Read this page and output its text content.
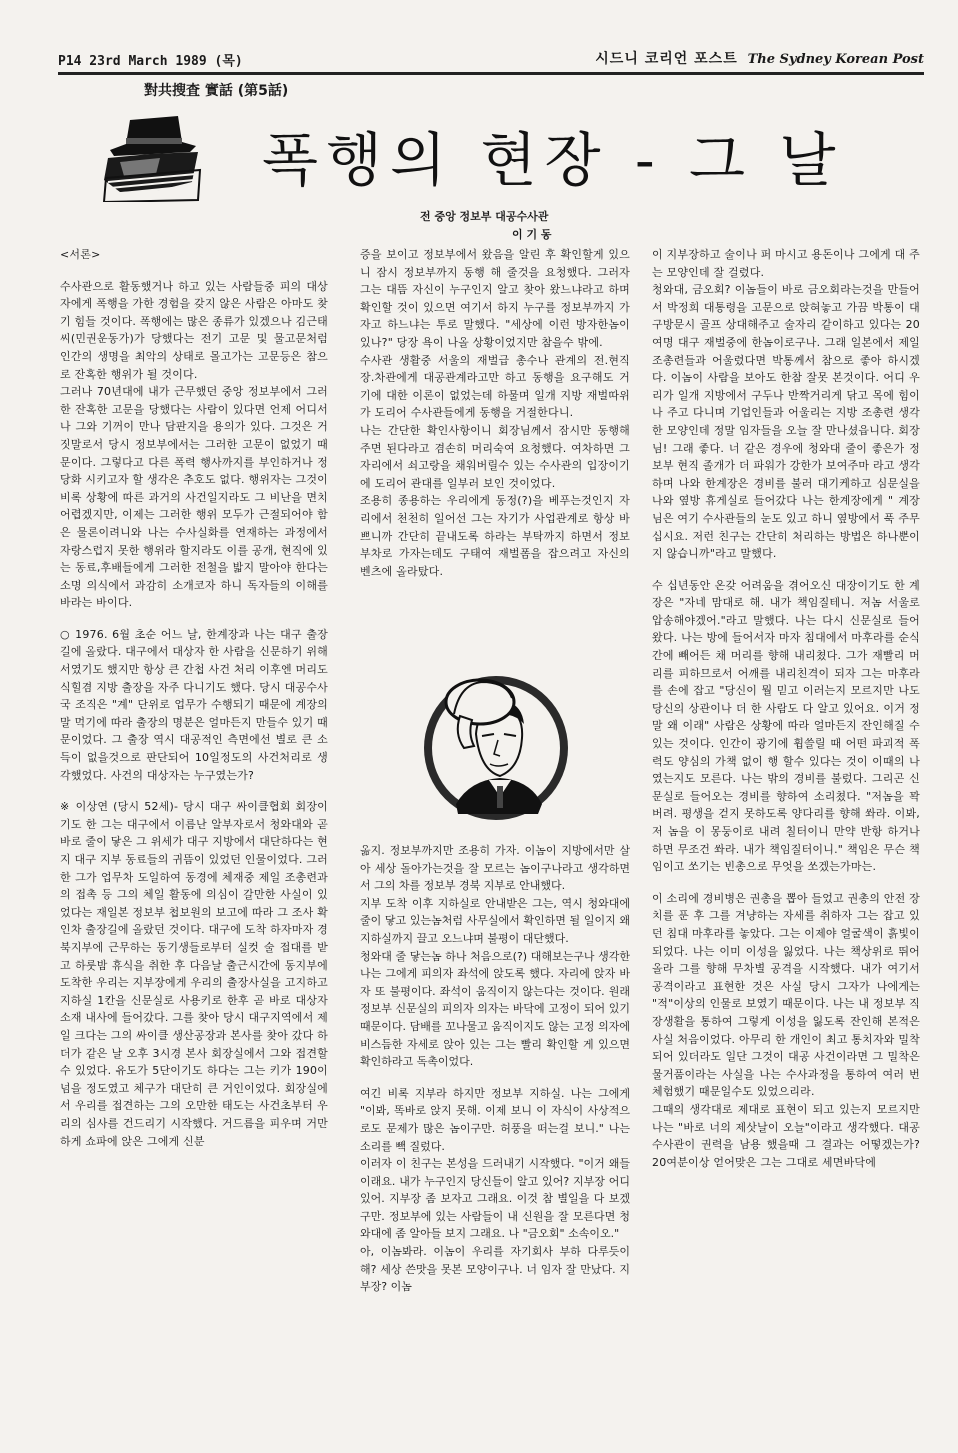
P14 23rd March 1989 (목)	시드니 코리언 포스트 The Sydney Korean Post
對共搜査 實話 (第5話)
폭행의 현장 - 그 날
전 중앙 정보부 대공수사관
이 기 동

<서론>

수사관으로 활동했거나 하고 있는 사람들중 피의 대상자에게 폭행을 가한 경험을 갖지 않은 사람은 아마도 찾기 힘들 것이다. 폭행에는 많은 종류가 있겠으나 김근태씨(민권운동가)가 당했다는 전기 고문 및 물고문처럼 인간의 생명을 최악의 상태로 몰고가는 고문등은 참으로 잔혹한 행위가 될 것이다.

그러나 70년대에 내가 근무했던 중앙 정보부에서 그러한 잔혹한 고문을 당했다는 사람이 있다면 언제 어디서나 그와 기꺼이 만나 담판지을 용의가 있다. 그것은 거짓말로서 당시 정보부에서는 그러한 고문이 없었기 때문이다. 그렇다고 다른 폭력 행사까지를 부인하거나 정당화 시키고자 할 생각은 추호도 없다. 행위자는 그것이 비록 상황에 따른 과거의 사건일지라도 그 비난을 면치 어렵겠지만, 이제는 그러한 행위 모두가 근절되어야 함은 물론이려니와 나는 수사실화를 연재하는 과정에서 자랑스럽지 못한 행위라 할지라도 이를 공개, 현직에 있는 동료,후배들에게 그러한 전철을 밟지 말아야 한다는 소명 의식에서 과감히 소개코자 하니 독자들의 이해를 바라는 바이다.

○ 1976. 6월 초순 어느 날, 한계장과 나는 대구 출장길에 올랐다. 대구에서 대상자 한 사람을 신문하기 위해서였기도 했지만 항상 큰 간첩 사건 처리 이후엔 머리도 식힐겸 지방 출장을 자주 다니기도 했다. 당시 대공수사국 조직은 "계" 단위로 업무가 수행되기 때문에 계장의 말 먹기에 따라 출장의 명분은 얼마든지 만들수 있기 때문이었다. 그 출장 역시 대공적인 측면에선 별로 큰 소득이 없을것으로 판단되어 10일정도의 사건처리로 생각했었다. 사건의 대상자는 누구였는가?

※ 이상연 (당시 52세)- 당시 대구 싸이클협회 회장이기도 한 그는 대구에서 이름난 알부자로서 청와대와 곧 바로 줄이 닿은 그 위세가 대구 지방에서 대단하다는 현지 대구 지부 동료들의 귀뜸이 있었던 인물이었다. 그러한 그가 업무차 도일하여 동경에 체재중 제일 조총련과의 접촉 등 그의 체일 활동에 의심이 갈만한 사실이 있었다는 재일본 정보부 첩보원의 보고에 따라 그 조사 확인차 출장길에 올랐던 것이다. 대구에 도착 하자마자 경북지부에 근무하는 동기생들로부터 실컷 술 접대를 받고 하룻밤 휴식을 취한 후 다음날 출근시간에 동지부에 도착한 우리는 지부장에게 우리의 출장사실을 고지하고 지하실 1칸을 신문실로 사용키로 한후 곧 바로 대상자 소재 내사에 들어갔다. 그를 찾아 당시 대구지역에서 제일 크다는 그의 싸이클 생산공장과 본사를 찾아 갔다 하더가 같은 날 오후 3시경 본사 회장실에서 그와 접견할 수 있었다. 유도가 5단이기도 하다는 그는 키가 190이 넘을 정도였고 체구가 대단히 큰 거인이었다. 회장실에서 우리를 접견하는 그의 오만한 태도는 사건초부터 우리의 심사를 건드리기 시작했다. 거드름을 피우며 거만하게 쇼파에 앉은 그에게 신분

증을 보이고 정보부에서 왔음을 알린 후 확인할게 있으니 잠시 정보부까지 동행 해 줄것을 요청했다. 그러자 그는 대뜸 자신이 누구인지 알고 찾아 왔느냐라고 하며 확인할 것이 있으면 여기서 하지 누구를 정보부까지 가자고 하느냐는 투로 말했다. "세상에 이런 방자한놈이 있나?" 당장 욕이 나올 상황이었지만 참을수 밖에.

수사관 생활중 서울의 재벌급 총수나 관계의 전.현직 장.차관에게 대공관계라고만 하고 동행을 요구해도 거기에 대한 이론이 없었는데 하물며 일개 지방 재벌따위가 도리어 수사관들에게 동행을 거절한다니.

나는 간단한 확인사항이니 회장님께서 잠시만 동행해 주면 된다라고 겸손히 머리숙여 요청했다. 여차하면 그 자리에서 쇠고랑을 채워버릴수 있는 수사관의 입장이기에 도리어 관대를 일부러 보인 것이었다.

조용히 종용하는 우리에게 동정(?)을 베푸는것인지 자리에서 천천히 일어선 그는 자기가 사업관계로 항상 바쁘니까 간단히 끝내도록 하라는 부탁까지 하면서 정보부차로 가자는데도 구태여 재벌폼을 잡으려고 자신의 벤츠에 올라탔다.

옮지. 정보부까지만 조용히 가자. 이놈이 지방에서만 살아 세상 돌아가는것을 잘 모르는 놈이구나라고 생각하면서 그의 차를 정보부 경북 지부로 안내했다.

지부 도착 이후 지하실로 안내받은 그는, 역시 청와대에 줄이 닿고 있는놈처럼 사무실에서 확인하면 될 일이지 왜 지하실까지 끌고 오느냐며 불평이 대단했다.

청와대 줄 닿는놈 하나 처음으로(?) 대해보는구나 생각한 나는 그에게 피의자 좌석에 앉도록 했다. 자리에 앉자 바자 또 불평이다. 좌석이 움직이지 않는다는 것이다. 원래 정보부 신문실의 피의자 의자는 바닥에 고정이 되어 있기 때문이다. 담배를 꼬나물고 움직이지도 않는 고정 의자에 비스듬한 자세로 앉아 있는 그는 빨리 확인할 게 있으면 확인하라고 독촉이었다.

여긴 비록 지부라 하지만 정보부 지하실. 나는 그에게 "이봐, 똑바로 앉지 못해. 이제 보니 이 자식이 사상적으로도 문제가 많은 놈이구만. 허풍을 떠는걸 보니." 나는 소리를 빽 질렀다.

이러자 이 친구는 본성을 드러내기 시작했다. "이거 왜들 이래요. 내가 누구인지 당신들이 알고 있어? 지부장 어디 있어. 지부장 좀 보자고 그래요. 이것 참 별일을 다 보겠구만. 정보부에 있는 사람들이 내 신원을 잘 모른다면 청와대에 좀 알아들 보지 그래요. 나 "금오회" 소속이오."

아, 이놈봐라. 이놈이 우리를 자기회사 부하 다루듯이 해? 세상 쓴맛을 못본 모양이구나. 너 임자 잘 만났다. 지부장? 이놈

이 지부장하고 술이나 퍼 마시고 용돈이나 그에게 대 주는 모양인데 잘 걸렸다.

청와대, 금오회? 이놈들이 바로 금오회라는것을 만들어서 박정희 대통령을 고문으로 앉혀놓고 가끔 박통이 대구방문시 골프 상대해주고 술자리 같이하고 있다는 20여명 대구 재벌중에 한놈이로구나. 그래 일본에서 제일 조총련들과 어울렸다면 박통께서 참으로 좋아 하시겠다. 이놈이 사람을 보아도 한참 잘못 본것이다. 어디 우리가 일개 지방에서 구두나 반짝거리게 닦고 목에 힘이나 주고 다니며 기업인들과 어울리는 지방 조총련 생각한 모양인데 정말 임자들을 오늘 잘 만나셨읍니다. 회장님! 그래 좋다. 너 같은 경우에 청와대 줄이 좋은가 정보부 현직 졸개가 더 파워가 강한가 보여주마 라고 생각하며 나와 한계장은 경비를 불러 대기케하고 심문실을 나와 옆방 휴게실로 들어갔다 나는 한계장에게 " 계장님은 여기 수사관들의 눈도 있고 하니 옆방에서 푹 주무십시요. 저런 친구는 간단히 처리하는 방법은 하나뿐이지 않습니까"라고 말했다.

수 십년동안 온갖 어려움을 겪어오신 대장이기도 한 계장은 "자네 맘대로 해. 내가 책임질테니. 저놈 서울로 압송해야겠어."라고 말했다. 나는 다시 신문실로 들어왔다. 나는 방에 들어서자 마자 침대에서 마후라를 순식간에 빼어든 채 머리를 향해 내리쳤다. 그가 재빨리 머리를 피하므로서 어깨를 내리친격이 되자 그는 마후라를 손에 잡고 "당신이 뭘 믿고 이러는지 모르지만 나도 당신의 상관이나 더 한 사람도 다 알고 있어요. 이거 정말 왜 이래" 사람은 상황에 따라 얼마든지 잔인해질 수 있는 것이다. 인간이 광기에 휩쓸릴 때 어떤 파괴적 폭력도 양심의 가책 없이 행 할수 있다는 것이 이때의 나였는지도 모른다. 나는 밖의 경비를 불렀다. 그리곤 신문실로 들어오는 경비를 향하여 소리쳤다. "저놈을 꽉 버려. 평생을 걷지 못하도록 양다리를 향해 쏴라. 이봐, 저 놈을 이 몽둥이로 내려 칠터이니 만약 반항 하거나 하면 무조건 쏴라. 내가 책임질터이니." 책임은 무슨 책임이고 쏘기는 빈총으로 무엇을 쏘겠는가마는.

이 소리에 경비병은 권총을 뽑아 들었고 권총의 안전 장치를 푼 후 그를 겨냥하는 자세를 취하자 그는 잡고 있던 침대 마후라를 놓았다. 그는 이제야 얼굴색이 흙빛이 되었다. 나는 이미 이성을 잃었다. 나는 책상위로 뛰어올라 그를 향해 무차별 공격을 시작했다. 내가 여기서 공격이라고 표현한 것은 사실 당시 그자가 나에게는 "적"이상의 인물로 보였기 때문이다. 나는 내 정보부 직장생활을 통하여 그렇게 이성을 잃도록 잔인해 본적은 사실 처음이었다. 아무리 한 개인이 최고 통치자와 밀착되어 있더라도 일단 그것이 대공 사건이라면 그 밀착은 물거품이라는 사실을 나는 수사과정을 통하여 여러 번 체험했기 때문일수도 있었으리라.

그때의 생각대로 제대로 표현이 되고 있는지 모르지만 나는 "바로 너의 제삿날이 오늘"이라고 생각했다. 대공수사관이 권력을 남용 했을때 그 결과는 어떻겠는가? 20여분이상 얻어맞은 그는 그대로 세면바닥에
